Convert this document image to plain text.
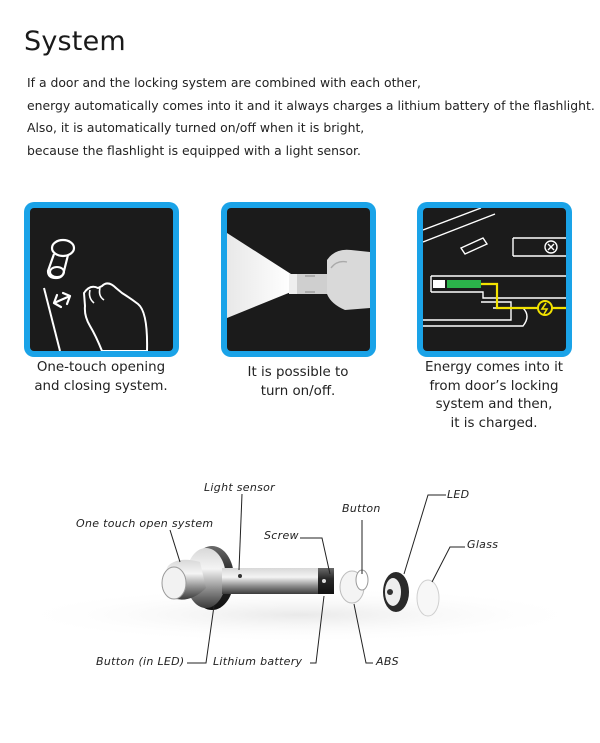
System
If a door and the locking system are combined with each other,
energy automatically comes into it and it always charges a lithium battery of the flashlight.
Also, it is automatically turned on/off when it is bright,
because the flashlight is equipped with a light sensor.
One-touch opening
and closing system.
It is possible to
turn on/off.
Energy comes into it
from door’s locking
system and then,
it is charged.
Light sensor
One touch open system
Screw
Button
LED
Glass
Button (in LED)	Lithium battery	ABS
